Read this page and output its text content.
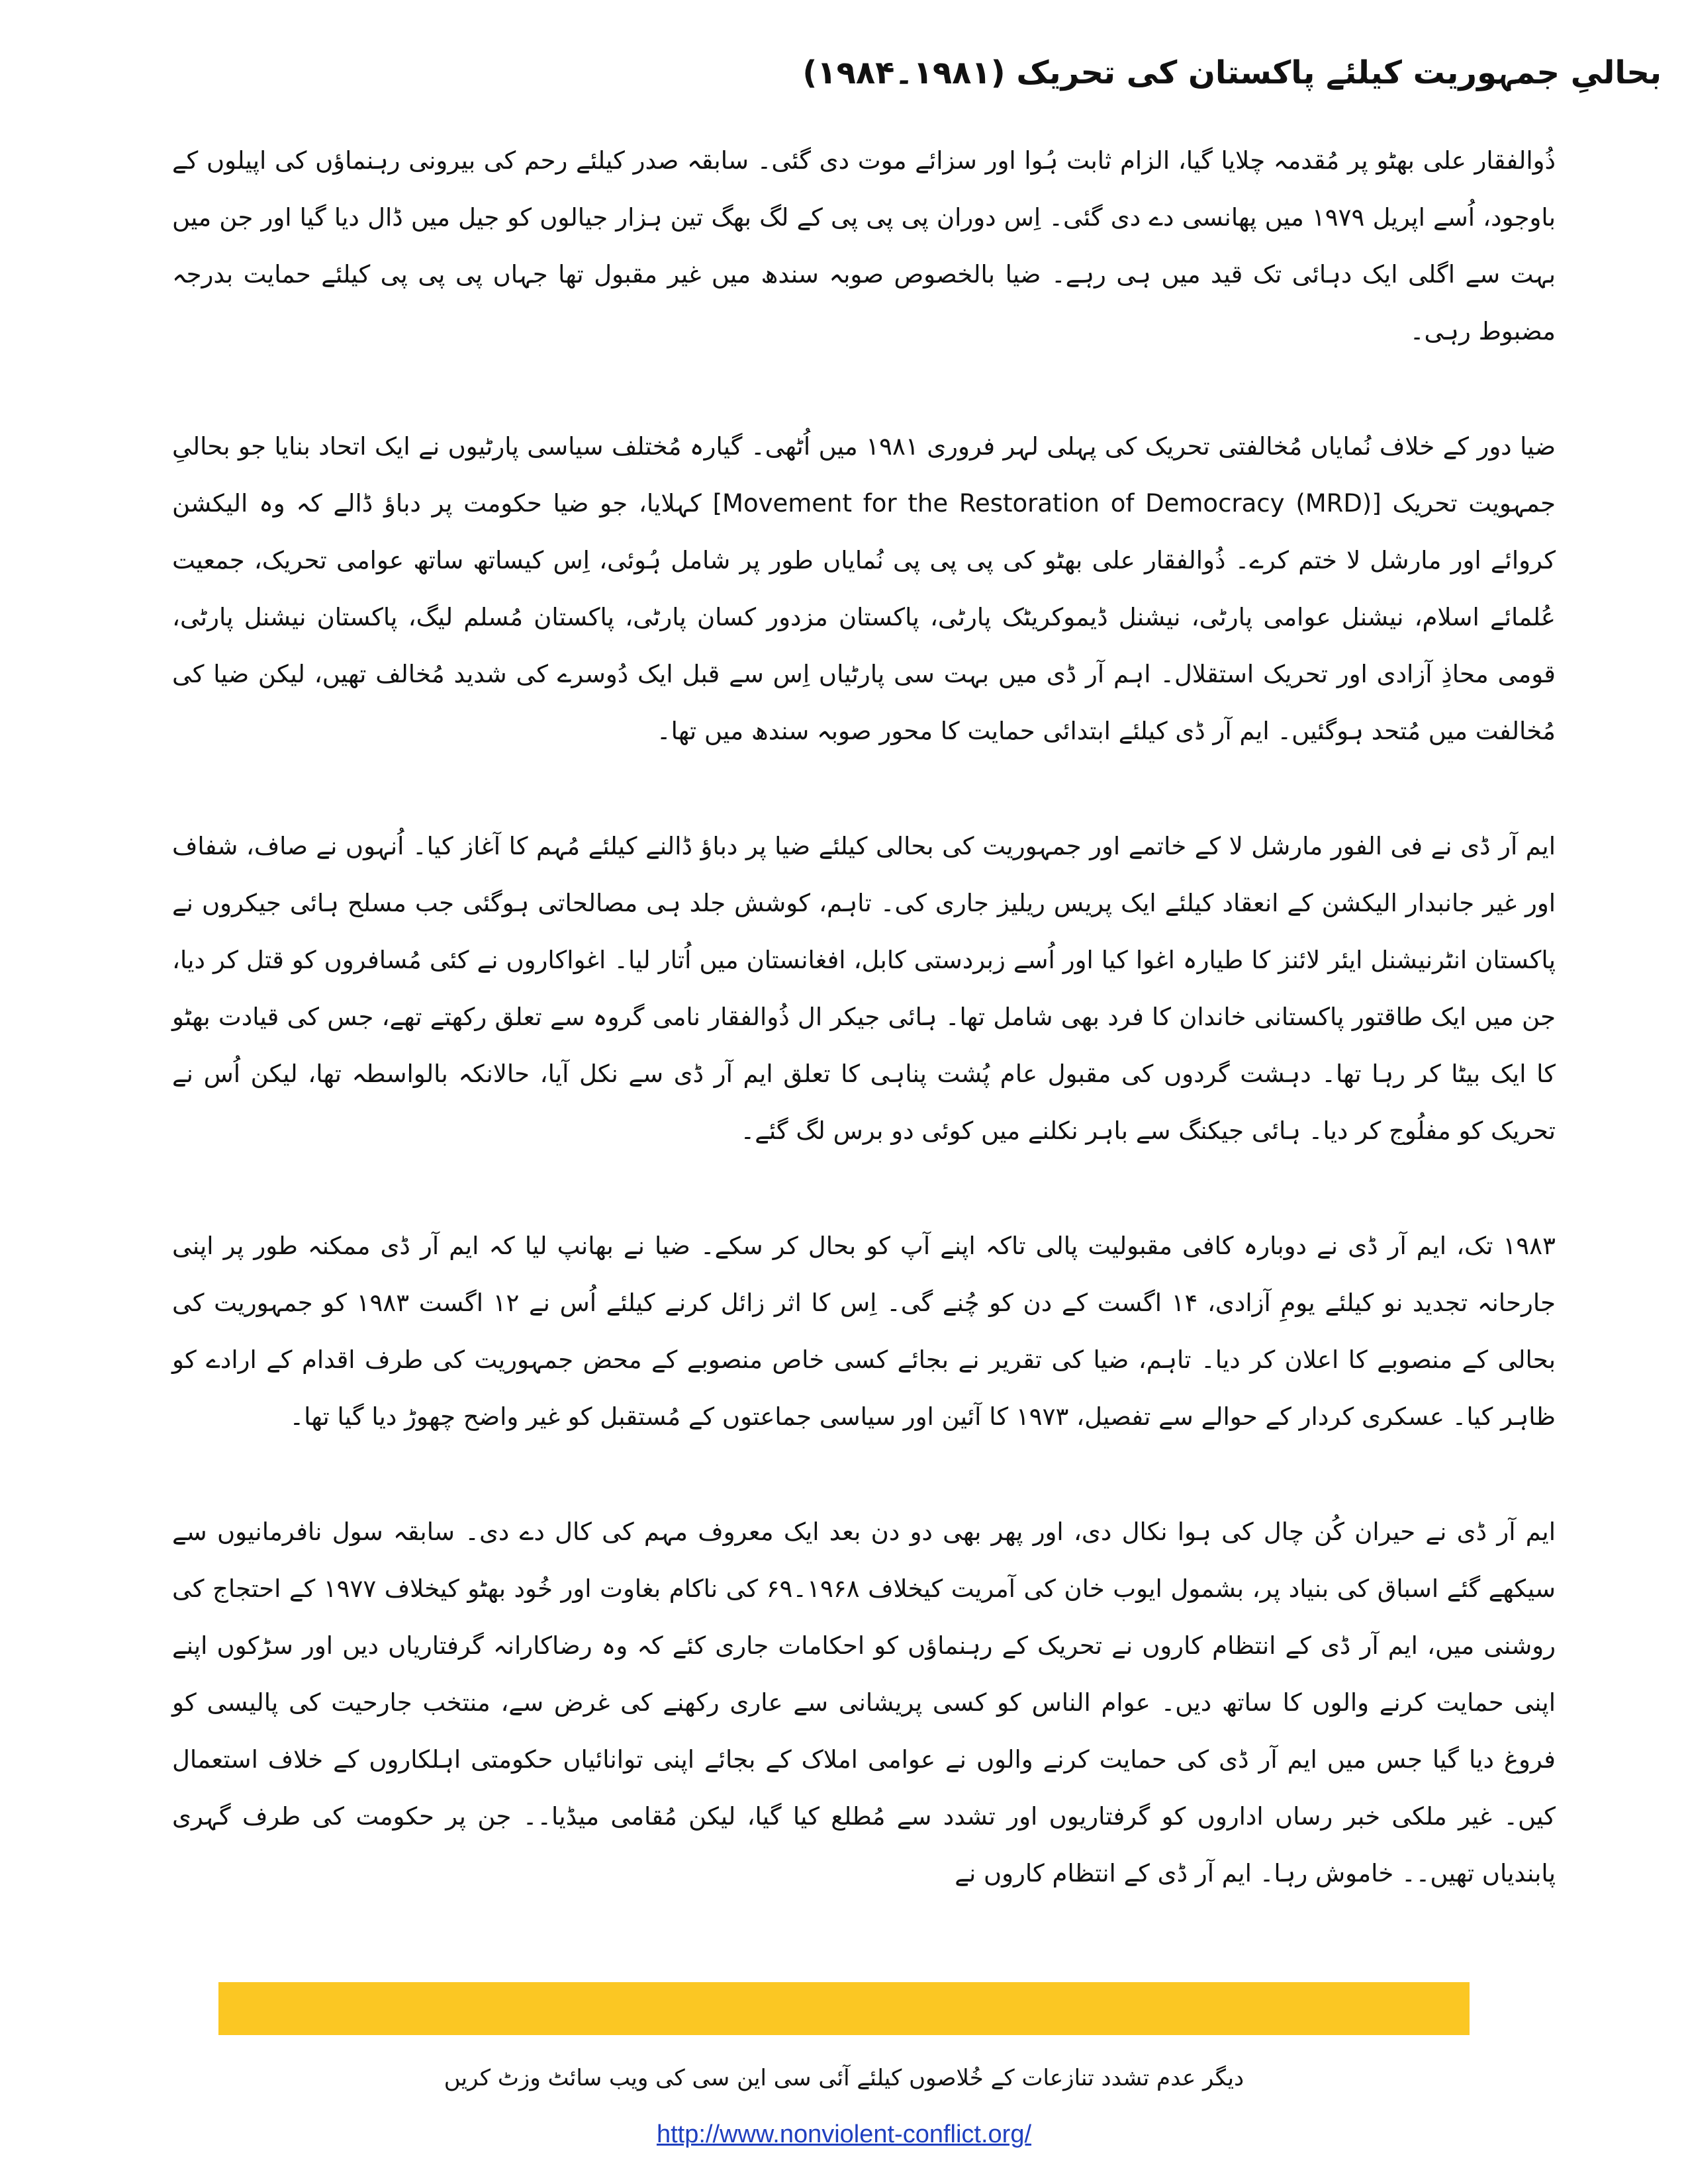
بحالیِ جمہوریت کیلئے پاکستان کی تحریک (۱۹۸۱۔۱۹۸۴)

ذُوالفقار علی بھٹو پر مُقدمہ چلایا گیا، الزام ثابت ہُوا اور سزائے موت دی گئی۔ سابقہ صدر کیلئے رحم کی بیرونی رہنماؤں کی اپیلوں کے باوجود، اُسے اپریل ۱۹۷۹ میں پھانسی دے دی گئی۔ اِس دوران پی پی پی کے لگ بھگ تین ہزار جیالوں کو جیل میں ڈال دیا گیا اور جن میں بہت سے اگلی ایک دہائی تک قید میں ہی رہے۔ ضیا بالخصوص صوبہ سندھ میں غیر مقبول تھا جہاں پی پی پی کیلئے حمایت بدرجہ مضبوط رہی۔

ضیا دور کے خلاف نُمایاں مُخالفتی تحریک کی پہلی لہر فروری ۱۹۸۱ میں اُٹھی۔ گیارہ مُختلف سیاسی پارٹیوں نے ایک اتحاد بنایا جو بحالیِ جمہویت تحریک [Movement for the Restoration of Democracy (MRD)] کہلایا، جو ضیا حکومت پر دباؤ ڈالے کہ وہ الیکشن کروائے اور مارشل لا ختم کرے۔ ذُوالفقار علی بھٹو کی پی پی پی نُمایاں طور پر شامل ہُوئی، اِس کیساتھ ساتھ عوامی تحریک، جمعیت عُلمائے اسلام، نیشنل عوامی پارٹی، نیشنل ڈیموکریٹک پارٹی، پاکستان مزدور کسان پارٹی، پاکستان مُسلم لیگ، پاکستان نیشنل پارٹی، قومی محاذِ آزادی اور تحریک استقلال۔ اہم آر ڈی میں بہت سی پارٹیاں اِس سے قبل ایک دُوسرے کی شدید مُخالف تھیں، لیکن ضیا کی مُخالفت میں مُتحد ہوگئیں۔ ایم آر ڈی کیلئے ابتدائی حمایت کا محور صوبہ سندھ میں تھا۔

ایم آر ڈی نے فی الفور مارشل لا کے خاتمے اور جمہوریت کی بحالی کیلئے ضیا پر دباؤ ڈالنے کیلئے مُہم کا آغاز کیا۔ اُنہوں نے صاف، شفاف اور غیر جانبدار الیکشن کے انعقاد کیلئے ایک پریس ریلیز جاری کی۔ تاہم، کوشش جلد ہی مصالحاتی ہوگئی جب مسلح ہائی جیکروں نے پاکستان انٹرنیشنل ایئر لائنز کا طیارہ اغوا کیا اور اُسے زبردستی کابل، افغانستان میں اُتار لیا۔ اغواکاروں نے کئی مُسافروں کو قتل کر دیا، جن میں ایک طاقتور پاکستانی خاندان کا فرد بھی شامل تھا۔ ہائی جیکر ال ذُوالفقار نامی گروہ سے تعلق رکھتے تھے، جس کی قیادت بھٹو کا ایک بیٹا کر رہا تھا۔ دہشت گردوں کی مقبول عام پُشت پناہی کا تعلق ایم آر ڈی سے نکل آیا، حالانکہ بالواسطہ تھا، لیکن اُس نے تحریک کو مفلُوج کر دیا۔ ہائی جیکنگ سے باہر نکلنے میں کوئی دو برس لگ گئے۔

۱۹۸۳ تک، ایم آر ڈی نے دوبارہ کافی مقبولیت پالی تاکہ اپنے آپ کو بحال کر سکے۔ ضیا نے بھانپ لیا کہ ایم آر ڈی ممکنہ طور پر اپنی جارحانہ تجدید نو کیلئے یومِ آزادی، ۱۴ اگست کے دن کو چُنے گی۔ اِس کا اثر زائل کرنے کیلئے اُس نے ۱۲ اگست ۱۹۸۳ کو جمہوریت کی بحالی کے منصوبے کا اعلان کر دیا۔ تاہم، ضیا کی تقریر نے بجائے کسی خاص منصوبے کے محض جمہوریت کی طرف اقدام کے ارادے کو ظاہر کیا۔ عسکری کردار کے حوالے سے تفصیل، ۱۹۷۳ کا آئین اور سیاسی جماعتوں کے مُستقبل کو غیر واضح چھوڑ دیا گیا تھا۔

ایم آر ڈی نے حیران کُن چال کی ہوا نکال دی، اور پھر بھی دو دن بعد ایک معروف مہم کی کال دے دی۔ سابقہ سول نافرمانیوں سے سیکھے گئے اسباق کی بنیاد پر، بشمول ایوب خان کی آمریت کیخلاف ۱۹۶۸۔۶۹ کی ناکام بغاوت اور خُود بھٹو کیخلاف ۱۹۷۷ کے احتجاج کی روشنی میں، ایم آر ڈی کے انتظام کاروں نے تحریک کے رہنماؤں کو احکامات جاری کئے کہ وہ رضاکارانہ گرفتاریاں دیں اور سڑکوں اپنے اپنی حمایت کرنے والوں کا ساتھ دیں۔ عوام الناس کو کسی پریشانی سے عاری رکھنے کی غرض سے، منتخب جارحیت کی پالیسی کو فروغ دیا گیا جس میں ایم آر ڈی کی حمایت کرنے والوں نے عوامی املاک کے بجائے اپنی توانائیاں حکومتی اہلکاروں کے خلاف استعمال کیں۔ غیر ملکی خبر رساں اداروں کو گرفتاریوں اور تشدد سے مُطلع کیا گیا، لیکن مُقامی میڈیا۔۔ جن پر حکومت کی طرف گہری پابندیاں تھیں۔۔ خاموش رہا۔ ایم آر ڈی کے انتظام کاروں نے

دیگر عدم تشدد تنازعات کے خُلاصوں کیلئے آئی سی این سی کی ویب سائٹ وزٹ کریں
http://www.nonviolent-conflict.org/
